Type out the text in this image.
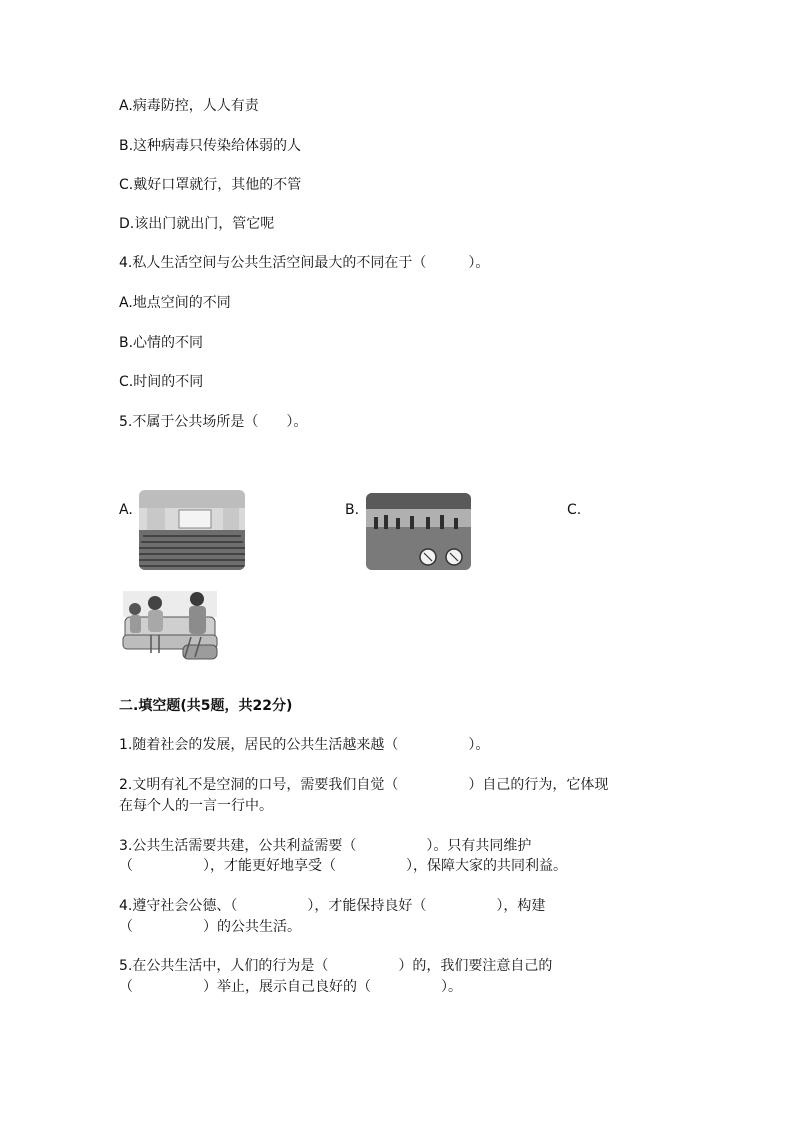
A.病毒防控，人人有责
B.这种病毒只传染给体弱的人
C.戴好口罩就行，其他的不管
D.该出门就出门，管它呢
4.私人生活空间与公共生活空间最大的不同在于（　　　）。
A.地点空间的不同
B.心情的不同
C.时间的不同
5.不属于公共场所是（　　）。
A.	B.	C.
二.填空题(共5题，共22分)
1.随着社会的发展，居民的公共生活越来越（　　　　　）。
2.文明有礼不是空洞的口号，需要我们自觉（　　　　　）自己的行为，它体现
在每个人的一言一行中。
3.公共生活需要共建，公共利益需要（　　　　　）。只有共同维护
（　　　　　），才能更好地享受（　　　　　），保障大家的共同利益。
4.遵守社会公德、（　　　　　），才能保持良好（　　　　　），构建
（　　　　　）的公共生活。
5.在公共生活中，人们的行为是（　　　　　）的，我们要注意自己的
（　　　　　）举止，展示自己良好的（　　　　　）。
